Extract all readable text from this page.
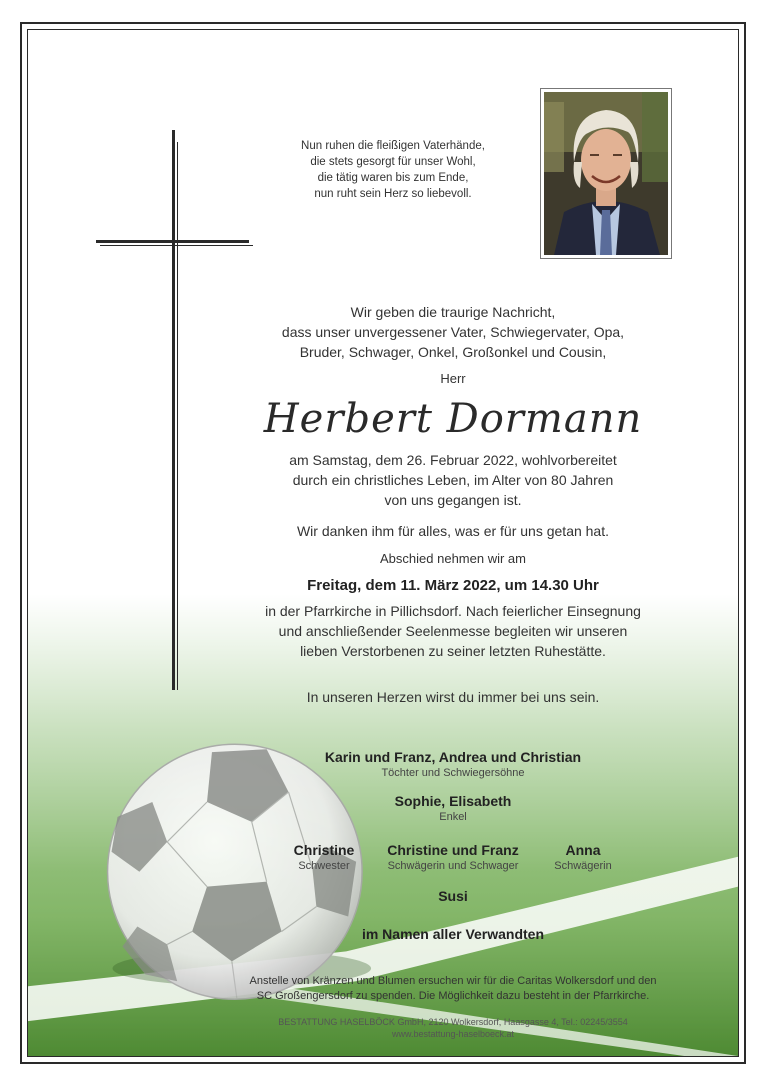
Nun ruhen die fleißigen Vaterhände,
die stets gesorgt für unser Wohl,
die tätig waren bis zum Ende,
nun ruht sein Herz so liebevoll.
Wir geben die traurige Nachricht,
dass unser unvergessener Vater, Schwiegervater, Opa,
Bruder, Schwager, Onkel, Großonkel und Cousin,
Herr
Herbert Dormann
am Samstag, dem 26. Februar 2022, wohlvorbereitet
durch ein christliches Leben, im Alter von 80 Jahren
von uns gegangen ist.
Wir danken ihm für alles, was er für uns getan hat.
Abschied nehmen wir am
Freitag, dem 11. März 2022, um 14.30 Uhr
in der Pfarrkirche in Pillichsdorf. Nach feierlicher Einsegnung
und anschließender Seelenmesse begleiten wir unseren
lieben Verstorbenen zu seiner letzten Ruhestätte.
In unseren Herzen wirst du immer bei uns sein.
Karin und Franz, Andrea und Christian
Töchter und Schwiegersöhne
Sophie, Elisabeth
Enkel
Christine
Schwester
Christine und Franz
Schwägerin und Schwager
Anna
Schwägerin
Susi
im Namen aller Verwandten
Anstelle von Kränzen und Blumen ersuchen wir für die Caritas Wolkersdorf und den
SC Großengersdorf zu spenden. Die Möglichkeit dazu besteht in der Pfarrkirche.
BESTATTUNG HASELBÖCK GmbH, 2120 Wolkersdorf, Haasgasse 4, Tel.: 02245/3554
www.bestattung-haselboeck.at
